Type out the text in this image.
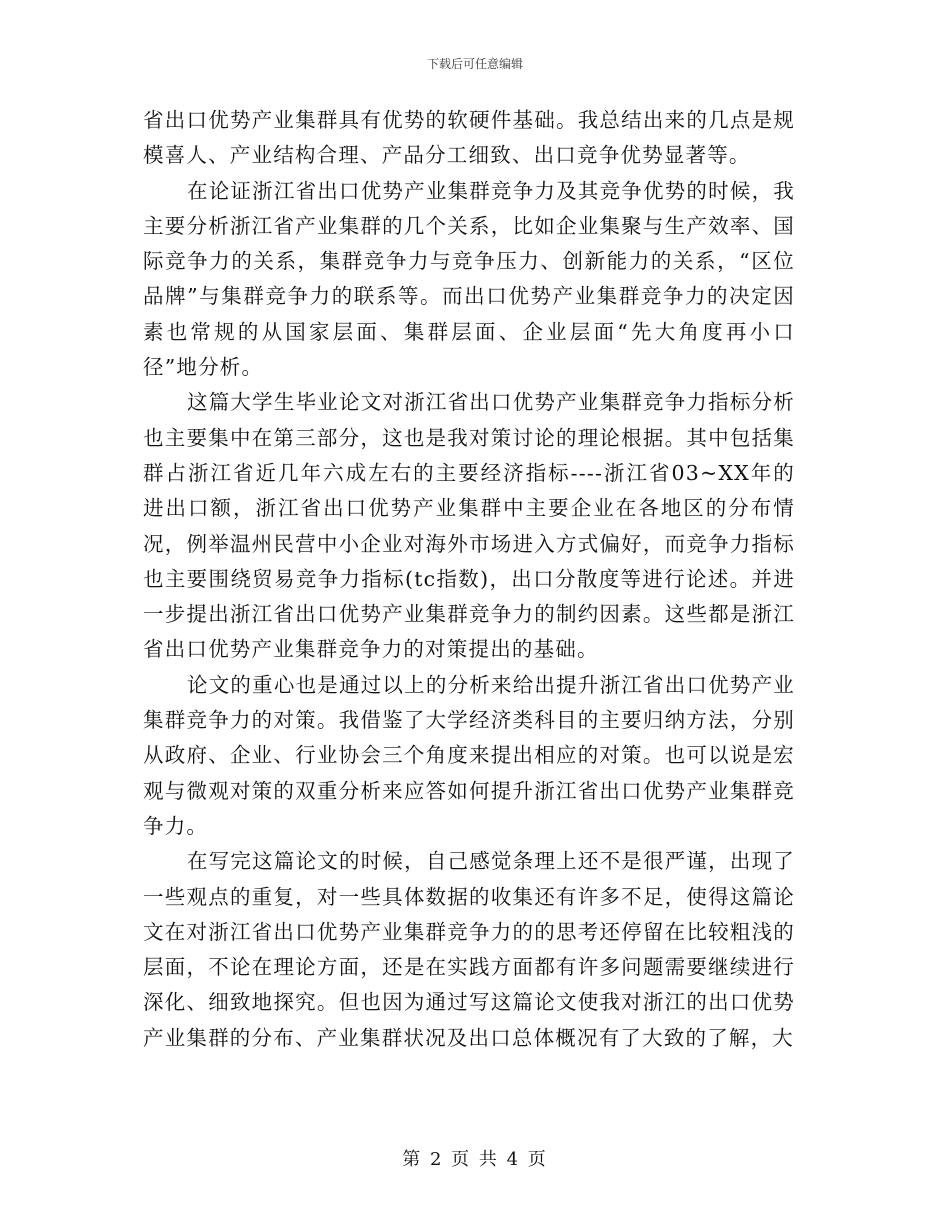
下载后可任意编辑

省出口优势产业集群具有优势的软硬件基础。我总结出来的几点是规模喜人、产业结构合理、产品分工细致、出口竞争优势显著等。

在论证浙江省出口优势产业集群竞争力及其竞争优势的时候，我主要分析浙江省产业集群的几个关系，比如企业集聚与生产效率、国际竞争力的关系，集群竞争力与竞争压力、创新能力的关系，“区位品牌”与集群竞争力的联系等。而出口优势产业集群竞争力的决定因素也常规的从国家层面、集群层面、企业层面“先大角度再小口径”地分析。

这篇大学生毕业论文对浙江省出口优势产业集群竞争力指标分析也主要集中在第三部分，这也是我对策讨论的理论根据。其中包括集群占浙江省近几年六成左右的主要经济指标----浙江省03~XX年的进出口额，浙江省出口优势产业集群中主要企业在各地区的分布情况，例举温州民营中小企业对海外市场进入方式偏好，而竞争力指标也主要围绕贸易竞争力指标(tc指数)，出口分散度等进行论述。并进一步提出浙江省出口优势产业集群竞争力的制约因素。这些都是浙江省出口优势产业集群竞争力的对策提出的基础。

论文的重心也是通过以上的分析来给出提升浙江省出口优势产业集群竞争力的对策。我借鉴了大学经济类科目的主要归纳方法，分别从政府、企业、行业协会三个角度来提出相应的对策。也可以说是宏观与微观对策的双重分析来应答如何提升浙江省出口优势产业集群竞争力。

在写完这篇论文的时候，自己感觉条理上还不是很严谨，出现了一些观点的重复，对一些具体数据的收集还有许多不足，使得这篇论文在对浙江省出口优势产业集群竞争力的的思考还停留在比较粗浅的层面，不论在理论方面，还是在实践方面都有许多问题需要继续进行深化、细致地探究。但也因为通过写这篇论文使我对浙江的出口优势产业集群的分布、产业集群状况及出口总体概况有了大致的了解，大

第 2 页 共 4 页
